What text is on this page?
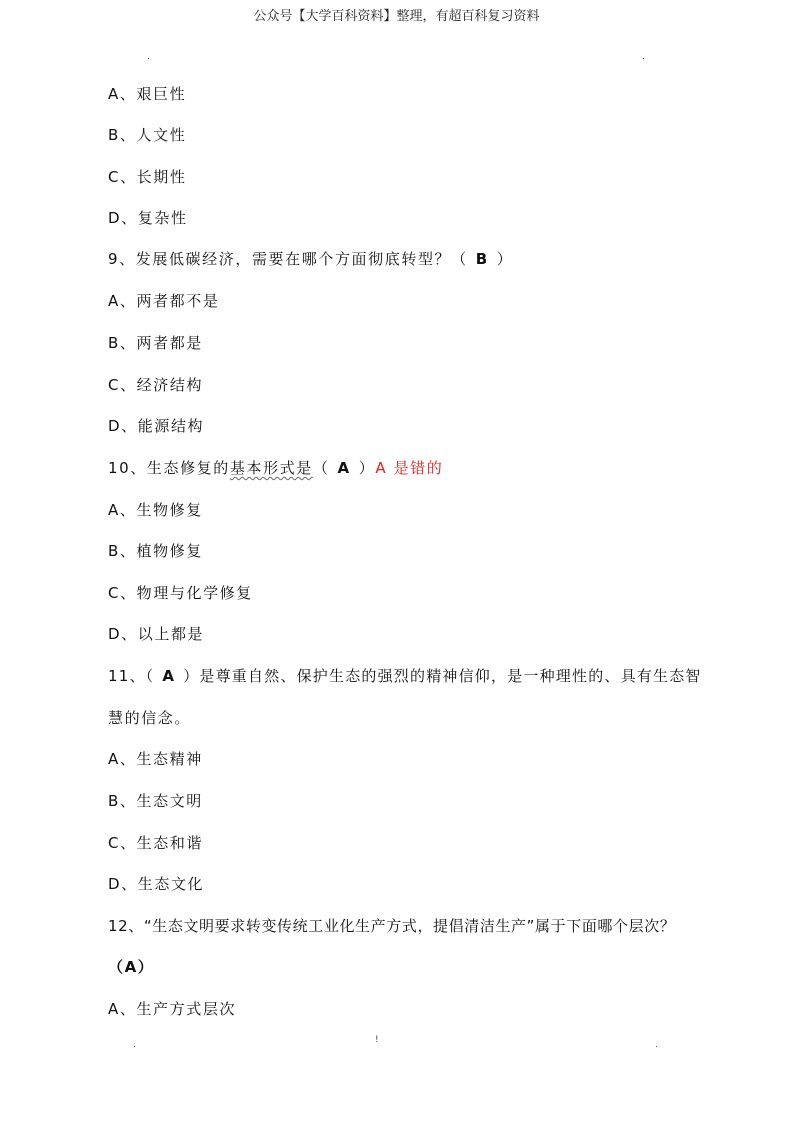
公众号【大学百科资料】整理，有超百科复习资料
.	.
A、艰巨性
B、人文性
C、长期性
D、复杂性
9、发展低碳经济，需要在哪个方面彻底转型？（ B ）
A、两者都不是
B、两者都是
C、经济结构
D、能源结构
10、生态修复的基本形式是（ A ）A 是错的
A、生物修复
B、植物修复
C、物理与化学修复
D、以上都是
11、（ A ）是尊重自然、保护生态的强烈的精神信仰，是一种理性的、具有生态智
慧的信念。
A、生态精神
B、生态文明
C、生态和谐
D、生态文化
12、“生态文明要求转变传统工业化生产方式，提倡清洁生产”属于下面哪个层次？
（A）
A、生产方式层次
.	!	.
